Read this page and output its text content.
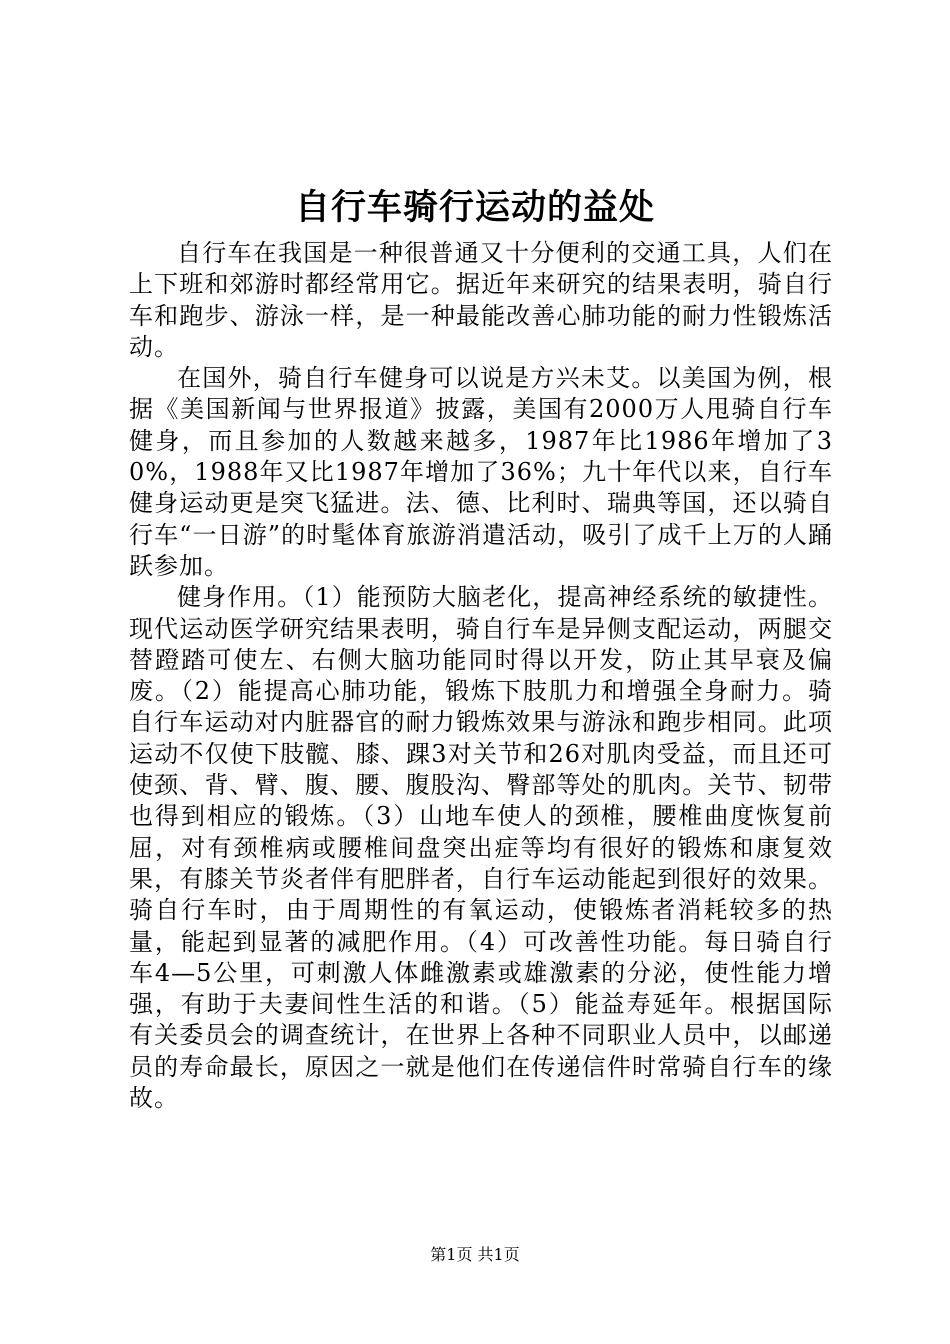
自行车骑行运动的益处

自行车在我国是一种很普通又十分便利的交通工具，人们在上下班和郊游时都经常用它。据近年来研究的结果表明，骑自行车和跑步、游泳一样，是一种最能改善心肺功能的耐力性锻炼活动。

在国外，骑自行车健身可以说是方兴未艾。以美国为例，根据《美国新闻与世界报道》披露，美国有2000万人甩骑自行车健身，而且参加的人数越来越多，1987年比1986年增加了30%，1988年又比1987年增加了36%；九十年代以来，自行车健身运动更是突飞猛进。法、德、比利时、瑞典等国，还以骑自行车“一日游”的时髦体育旅游消遣活动，吸引了成千上万的人踊跃参加。

健身作用。（1）能预防大脑老化，提高神经系统的敏捷性。现代运动医学研究结果表明，骑自行车是异侧支配运动，两腿交替蹬踏可使左、右侧大脑功能同时得以开发，防止其早衰及偏废。（2）能提高心肺功能，锻炼下肢肌力和增强全身耐力。骑自行车运动对内脏器官的耐力锻炼效果与游泳和跑步相同。此项运动不仅使下肢髋、膝、踝3对关节和26对肌肉受益，而且还可使颈、背、臂、腹、腰、腹股沟、臀部等处的肌肉。关节、韧带也得到相应的锻炼。（3）山地车使人的颈椎，腰椎曲度恢复前屈，对有颈椎病或腰椎间盘突出症等均有很好的锻炼和康复效果，有膝关节炎者伴有肥胖者，自行车运动能起到很好的效果。骑自行车时，由于周期性的有氧运动，使锻炼者消耗较多的热量，能起到显著的减肥作用。（4）可改善性功能。每日骑自行车4—5公里，可刺激人体雌激素或雄激素的分泌，使性能力增强，有助于夫妻间性生活的和谐。（5）能益寿延年。根据国际有关委员会的调查统计，在世界上各种不同职业人员中，以邮递员的寿命最长，原因之一就是他们在传递信件时常骑自行车的缘故。

第1页 共1页
